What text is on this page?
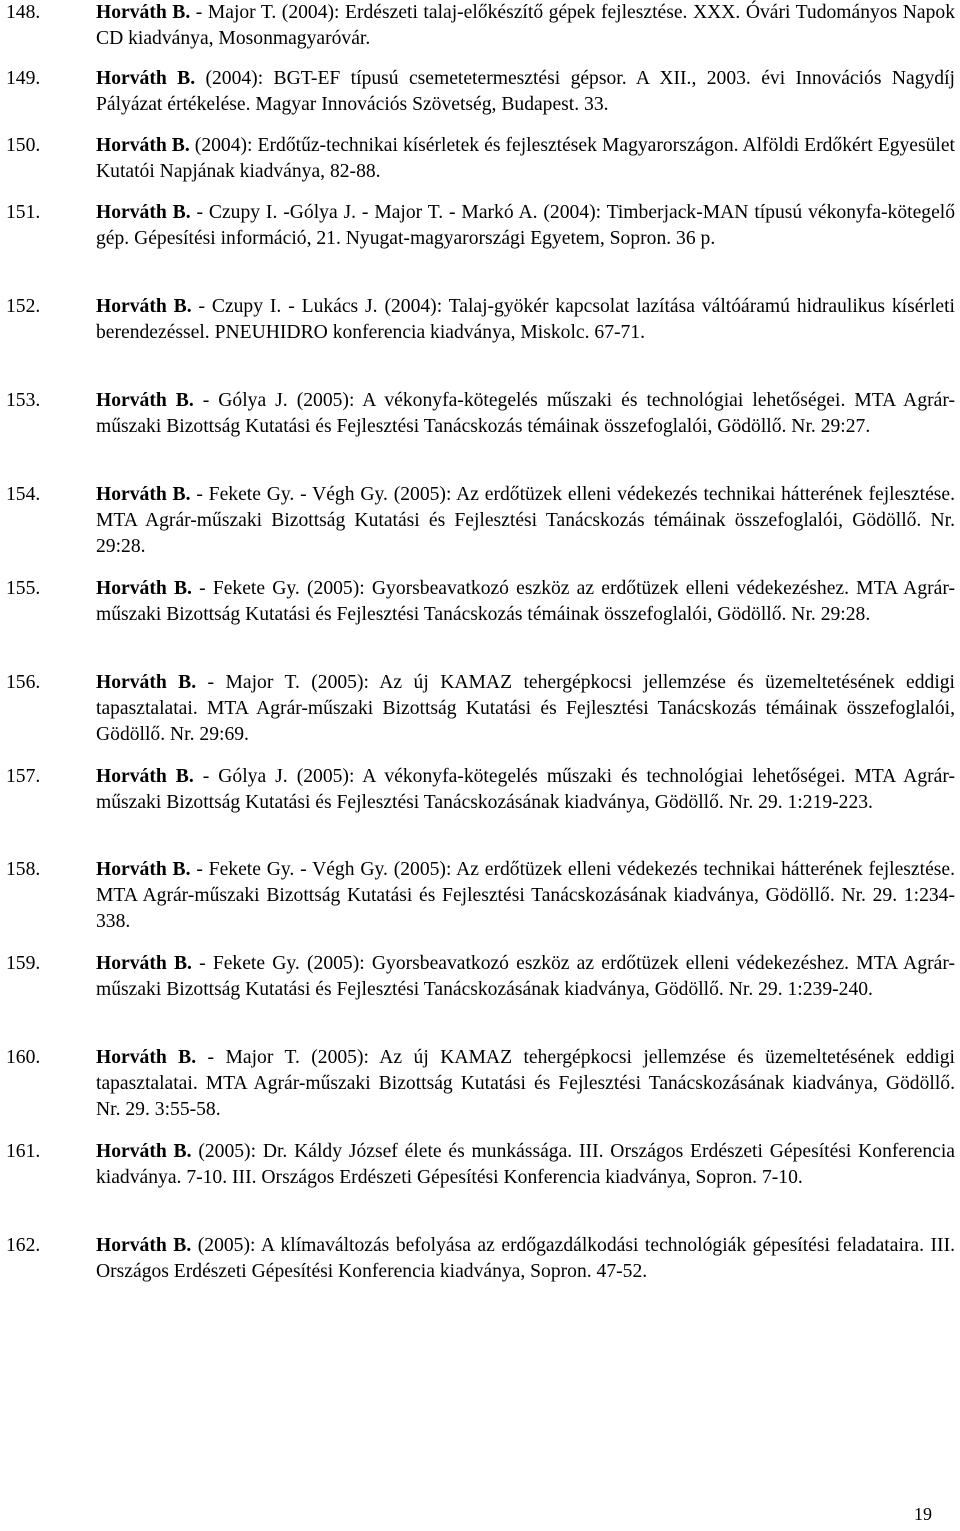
148.	Horváth B. - Major T. (2004): Erdészeti talaj-előkészítő gépek fejlesztése. XXX. Óvári Tudományos Napok CD kiadványa, Mosonmagyaróvár.
149.	Horváth B. (2004): BGT-EF típusú csemetetermesztési gépsor. A XII., 2003. évi Innovációs Nagydíj Pályázat értékelése. Magyar Innovációs Szövetség, Budapest. 33.
150.	Horváth B. (2004): Erdőtűz-technikai kísérletek és fejlesztések Magyarországon. Alföldi Erdőkért Egyesület Kutatói Napjának kiadványa, 82-88.
151.	Horváth B. - Czupy I. -Gólya J. - Major T. - Markó A. (2004): Timberjack-MAN típusú vékonyfa-kötegelő gép. Gépesítési információ, 21. Nyugat-magyarországi Egyetem, Sopron. 36 p.
152.	Horváth B. - Czupy I. - Lukács J. (2004): Talaj-gyökér kapcsolat lazítása váltóáramú hidraulikus kísérleti berendezéssel. PNEUHIDRO konferencia kiadványa, Miskolc. 67-71.
153.	Horváth B. - Gólya J. (2005): A vékonyfa-kötegelés műszaki és technológiai lehetőségei. MTA Agrár-műszaki Bizottság Kutatási és Fejlesztési Tanácskozás témáinak összefoglalói, Gödöllő. Nr. 29:27.
154.	Horváth B. - Fekete Gy. - Végh Gy. (2005): Az erdőtüzek elleni védekezés technikai hátterének fejlesztése. MTA Agrár-műszaki Bizottság Kutatási és Fejlesztési Tanácskozás témáinak összefoglalói, Gödöllő. Nr. 29:28.
155.	Horváth B. - Fekete Gy. (2005): Gyorsbeavatkozó eszköz az erdőtüzek elleni védekezéshez. MTA Agrár-műszaki Bizottság Kutatási és Fejlesztési Tanácskozás témáinak összefoglalói, Gödöllő. Nr. 29:28.
156.	Horváth B. - Major T. (2005): Az új KAMAZ tehergépkocsi jellemzése és üzemeltetésének eddigi tapasztalatai. MTA Agrár-műszaki Bizottság Kutatási és Fejlesztési Tanácskozás témáinak összefoglalói, Gödöllő. Nr. 29:69.
157.	Horváth B. - Gólya J. (2005): A vékonyfa-kötegelés műszaki és technológiai lehetőségei. MTA Agrár-műszaki Bizottság Kutatási és Fejlesztési Tanácskozásának kiadványa, Gödöllő. Nr. 29. 1:219-223.
158.	Horváth B. - Fekete Gy. - Végh Gy. (2005): Az erdőtüzek elleni védekezés technikai hátterének fejlesztése. MTA Agrár-műszaki Bizottság Kutatási és Fejlesztési Tanácskozásának kiadványa, Gödöllő. Nr. 29. 1:234-338.
159.	Horváth B. - Fekete Gy. (2005): Gyorsbeavatkozó eszköz az erdőtüzek elleni védekezéshez. MTA Agrár-műszaki Bizottság Kutatási és Fejlesztési Tanácskozásának kiadványa, Gödöllő. Nr. 29. 1:239-240.
160.	Horváth B. - Major T. (2005): Az új KAMAZ tehergépkocsi jellemzése és üzemeltetésének eddigi tapasztalatai. MTA Agrár-műszaki Bizottság Kutatási és Fejlesztési Tanácskozásának kiadványa, Gödöllő. Nr. 29. 3:55-58.
161.	Horváth B. (2005): Dr. Káldy József élete és munkássága. III. Országos Erdészeti Gépesítési Konferencia kiadványa. 7-10. III. Országos Erdészeti Gépesítési Konferencia kiadványa, Sopron. 7-10.
162.	Horváth B. (2005): A klímaváltozás befolyása az erdőgazdálkodási technológiák gépesítési feladataira. III. Országos Erdészeti Gépesítési Konferencia kiadványa, Sopron. 47-52.
19
